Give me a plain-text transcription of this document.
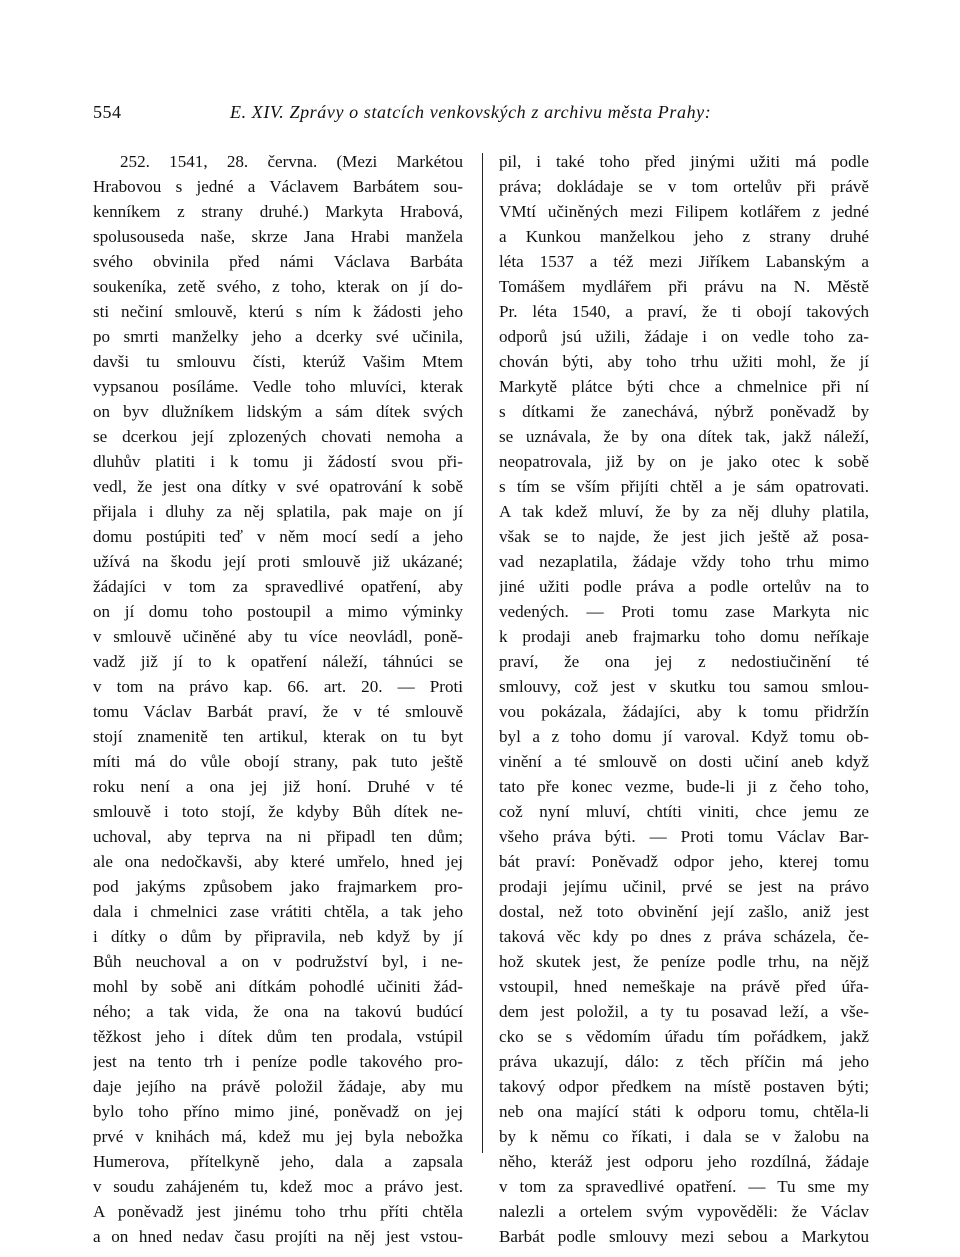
554	E. XIV. Zprávy o statcích venkovských z archivu města Prahy:
252. 1541, 28. června. (Mezi Markétou
Hrabovou s jedné a Václavem Barbátem sou-
kenníkem z strany druhé.) Markyta Hrabová,
spolusouseda naše, skrze Jana Hrabi manžela
svého obvinila před námi Václava Barbáta
soukeníka, zetě svého, z toho, kterak on jí do-
sti nečiní smlouvě, kterú s ním k žádosti jeho
po smrti manželky jeho a dcerky své učinila,
davši tu smlouvu čísti, kterúž Vašim Mtem
vypsanou posíláme. Vedle toho mluvíci, kterak
on byv dlužníkem lidským a sám dítek svých
se dcerkou její zplozených chovati nemoha a
dluhův platiti i k tomu ji žádostí svou při-
vedl, že jest ona dítky v své opatrování k sobě
přijala i dluhy za něj splatila, pak maje on jí
domu postúpiti teď v něm mocí sedí a jeho
užívá na škodu její proti smlouvě již ukázané;
žádajíci v tom za spravedlivé opatření, aby
on jí domu toho postoupil a mimo výminky
v smlouvě učiněné aby tu více neovládl, poně-
vadž již jí to k opatření náleží, táhnúci se
v tom na právo kap. 66. art. 20. — Proti
tomu Václav Barbát praví, že v té smlouvě
stojí znamenitě ten artikul, kterak on tu byt
míti má do vůle obojí strany, pak tuto ještě
roku není a ona jej již honí. Druhé v té
smlouvě i toto stojí, že kdyby Bůh dítek ne-
uchoval, aby teprva na ni připadl ten dům;
ale ona nedočkavši, aby které umřelo, hned jej
pod jakýms způsobem jako frajmarkem pro-
dala i chmelnici zase vrátiti chtěla, a tak jeho
i dítky o dům by připravila, neb když by jí
Bůh neuchoval a on v podružství byl, i ne-
mohl by sobě ani dítkám pohodlé učiniti žád-
ného; a tak vida, že ona na takovú budúcí
těžkost jeho i dítek dům ten prodala, vstúpil
jest na tento trh i peníze podle takového pro-
daje jejího na právě položil žádaje, aby mu
bylo toho příno mimo jiné, poněvadž on jej
prvé v knihách má, kdež mu jej byla nebožka
Humerova, přítelkyně jeho, dala a zapsala
v soudu zahájeném tu, kdež moc a právo jest.
A poněvadž jest jinému toho trhu příti chtěla
a on hned nedav času projíti na něj jest vstou-
pil, i také toho před jinými užiti má podle
práva; dokládaje se v tom ortelův při právě
VMtí učiněných mezi Filipem kotlářem z jedné
a Kunkou manželkou jeho z strany druhé
léta 1537 a též mezi Jiříkem Labanským a
Tomášem mydlářem při právu na N. Městě
Pr. léta 1540, a praví, že ti obojí takových
odporů jsú užili, žádaje i on vedle toho za-
chován býti, aby toho trhu užiti mohl, že jí
Markytě plátce býti chce a chmelnice při ní
s dítkami že zanechává, nýbrž poněvadž by
se uznávala, že by ona dítek tak, jakž náleží,
neopatrovala, již by on je jako otec k sobě
s tím se vším přijíti chtěl a je sám opatrovati.
A tak kdež mluví, že by za něj dluhy platila,
však se to najde, že jest jich ještě až posa-
vad nezaplatila, žádaje vždy toho trhu mimo
jiné užiti podle práva a podle ortelův na to
vedených. — Proti tomu zase Markyta nic
k prodaji aneb frajmarku toho domu neříkaje
praví, že ona jej z nedostiučinění té
smlouvy, což jest v skutku tou samou smlou-
vou pokázala, žádajíci, aby k tomu přidržín
byl a z toho domu jí varoval. Když tomu ob-
vinění a té smlouvě on dosti učiní aneb když
tato pře konec vezme, bude-li ji z čeho toho,
což nyní mluví, chtíti viniti, chce jemu ze
všeho práva býti. — Proti tomu Václav Bar-
bát praví: Poněvadž odpor jeho, kterej tomu
prodaji jejímu učinil, prvé se jest na právo
dostal, než toto obvinění její zašlo, aniž jest
taková věc kdy po dnes z práva scházela, če-
hož skutek jest, že peníze podle trhu, na nějž
vstoupil, hned nemeškaje na právě před úřa-
dem jest položil, a ty tu posavad leží, a vše-
cko se s vědomím úřadu tím pořádkem, jakž
práva ukazují, dálo: z těch příčin má jeho
takový odpor předkem na místě postaven býti;
neb ona mající státi k odporu tomu, chtěla-li
by k němu co říkati, i dala se v žalobu na
něho, kteráž jest odporu jeho rozdílná, žádaje
v tom za spravedlivé opatření. — Tu sme my
nalezli a ortelem svým vypověděli: že Václav
Barbát podle smlouvy mezi sebou a Markytou
